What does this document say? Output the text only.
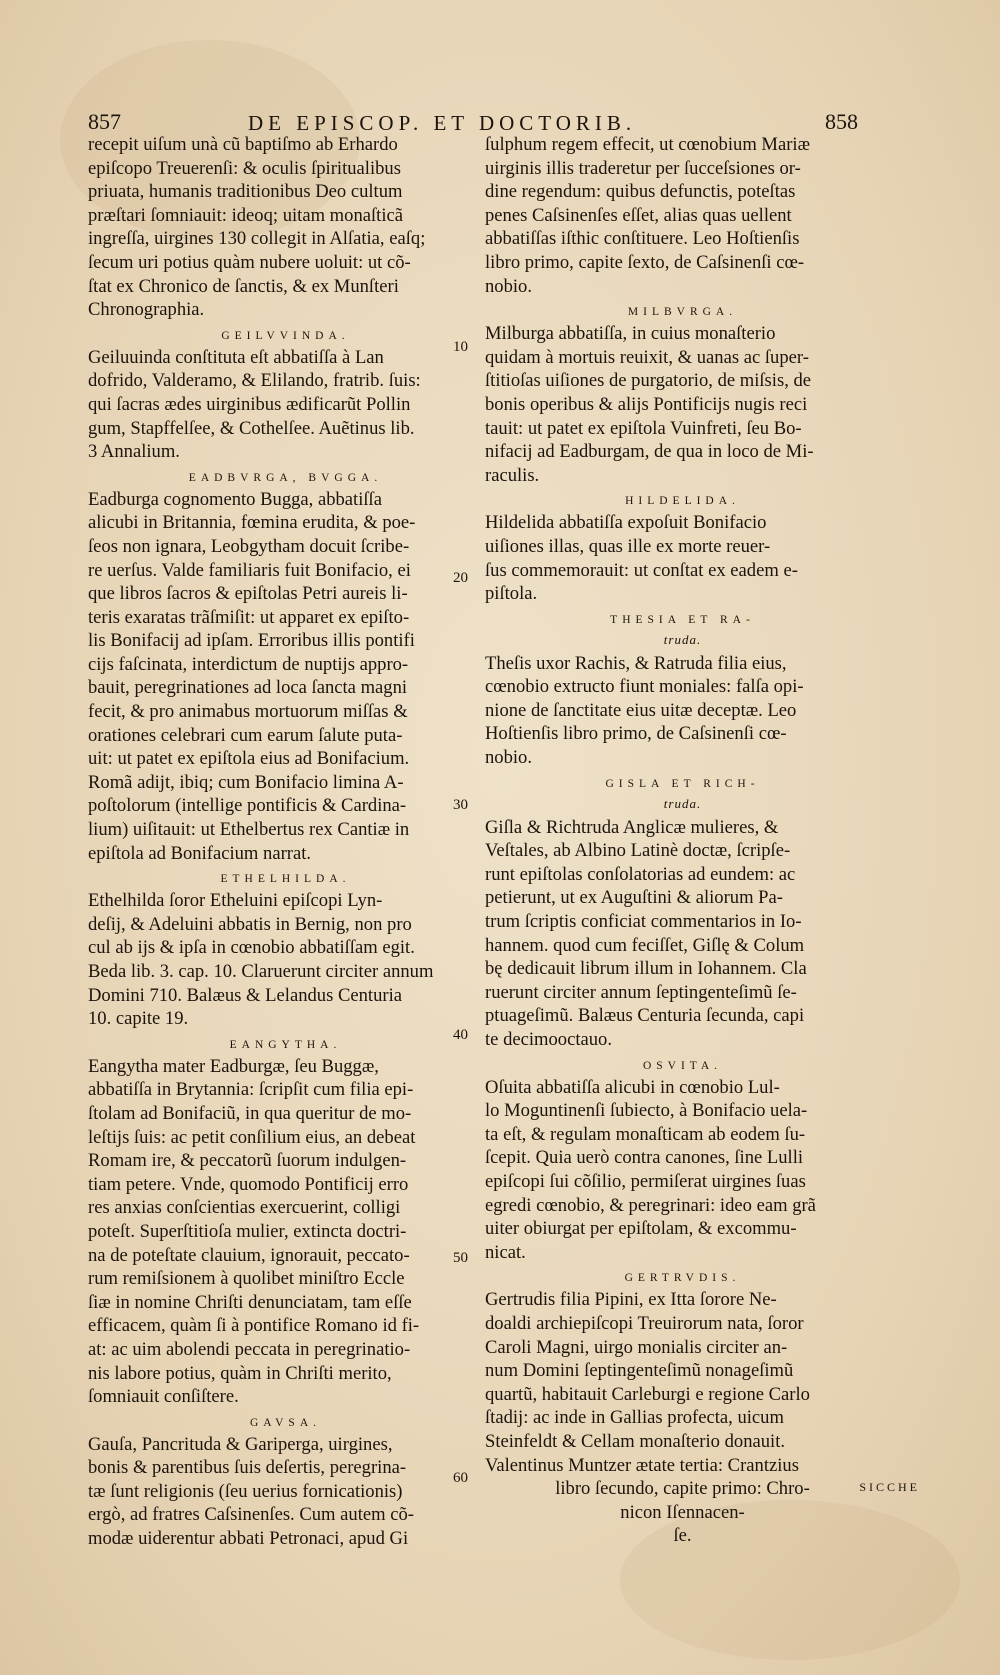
857	DE EPISCOP. ET DOCTORIB.	858
recepit uiſum unà cũ baptiſmo ab Erhardo
epiſcopo Treuerenſi: & oculis ſpiritualibus
priuata, humanis traditionibus Deo cultum
præſtari ſomniauit: ideoq; uitam monaſticã
ingreſſa, uirgines 130 collegit in Alſatia, eaſq;
ſecum uri potius quàm nubere uoluit: ut cõ-
ſtat ex Chronico de ſanctis, & ex Munſteri
Chronographia.
GEILVVINDA.
Geiluuinda conſtituta eſt abbatiſſa à Lan
dofrido, Valderamo, & Elilando, fratrib. ſuis:
qui ſacras ædes uirginibus ædificarũt Pollin
gum, Stapffelſee, & Cothelſee. Auẽtinus lib.
3 Annalium.
EADBVRGA, BVGGA.
Eadburga cognomento Bugga, abbatiſſa
alicubi in Britannia, fœmina erudita, & poe-
ſeos non ignara, Leobgytham docuit ſcribe-
re uerſus. Valde familiaris fuit Bonifacio, ei
que libros ſacros & epiſtolas Petri aureis li-
teris exaratas trãſmiſit: ut apparet ex epiſto-
lis Bonifacij ad ipſam. Erroribus illis pontifi
cijs faſcinata, interdictum de nuptijs appro-
bauit, peregrinationes ad loca ſancta magni
fecit, & pro animabus mortuorum miſſas &
orationes celebrari cum earum ſalute puta-
uit: ut patet ex epiſtola eius ad Bonifacium.
Romã adijt, ibiq; cum Bonifacio limina A-
poſtolorum (intellige pontificis & Cardina-
lium) uiſitauit: ut Ethelbertus rex Cantiæ in
epiſtola ad Bonifacium narrat.
ETHELHILDA.
Ethelhilda ſoror Etheluini epiſcopi Lyn-
deſij, & Adeluini abbatis in Bernig, non pro
cul ab ijs & ipſa in cœnobio abbatiſſam egit.
Beda lib. 3. cap. 10. Claruerunt circiter annum
Domini 710. Balæus & Lelandus Centuria
10. capite 19.
EANGYTHA.
Eangytha mater Eadburgæ, ſeu Buggæ,
abbatiſſa in Brytannia: ſcripſit cum filia epi-
ſtolam ad Bonifaciũ, in qua queritur de mo-
leſtijs ſuis: ac petit conſilium eius, an debeat
Romam ire, & peccatorũ ſuorum indulgen-
tiam petere. Vnde, quomodo Pontificij erro
res anxias conſcientias exercuerint, colligi
poteſt. Superſtitioſa mulier, extincta doctri-
na de poteſtate clauium, ignorauit, peccato-
rum remiſsionem à quolibet miniſtro Eccle
ſiæ in nomine Chriſti denunciatam, tam eſſe
efficacem, quàm ſi à pontifice Romano id fi-
at: ac uim abolendi peccata in peregrinatio-
nis labore potius, quàm in Chriſti merito,
ſomniauit conſiſtere.
GAVSA.
Gauſa, Pancrituda & Gariperga, uirgines,
bonis & parentibus ſuis deſertis, peregrina-
tæ ſunt religionis (ſeu uerius fornicationis)
ergò, ad fratres Caſsinenſes. Cum autem cõ-
modæ uiderentur abbati Petronaci, apud Gi
ſulphum regem effecit, ut cœnobium Mariæ
uirginis illis traderetur per ſucceſsiones or-
dine regendum: quibus defunctis, poteſtas
penes Caſsinenſes eſſet, alias quas uellent
abbatiſſas iſthic conſtituere. Leo Hoſtienſis
libro primo, capite ſexto, de Caſsinenſi cœ-
nobio.
MILBVRGA.
Milburga abbatiſſa, in cuius monaſterio
quidam à mortuis reuixit, & uanas ac ſuper-
ſtitioſas uiſiones de purgatorio, de miſsis, de
bonis operibus & alijs Pontificijs nugis reci
tauit: ut patet ex epiſtola Vuinfreti, ſeu Bo-
nifacij ad Eadburgam, de qua in loco de Mi-
raculis.
HILDELIDA.
Hildelida abbatiſſa expoſuit Bonifacio
uiſiones illas, quas ille ex morte reuer-
ſus commemorauit: ut conſtat ex eadem e-
piſtola.
THESIA ET RA-
truda.
Theſis uxor Rachis, & Ratruda filia eius,
cœnobio extructo fiunt moniales: falſa opi-
nione de ſanctitate eius uitæ deceptæ. Leo
Hoſtienſis libro primo, de Caſsinenſi cœ-
nobio.
GISLA ET RICH-
truda.
Giſla & Richtruda Anglicæ mulieres, &
Veſtales, ab Albino Latinè doctæ, ſcripſe-
runt epiſtolas conſolatorias ad eundem: ac
petierunt, ut ex Auguſtini & aliorum Pa-
trum ſcriptis conficiat commentarios in Io-
hannem. quod cum feciſſet, Giſlę & Colum
bę dedicauit librum illum in Iohannem. Cla
ruerunt circiter annum ſeptingenteſimũ ſe-
ptuageſimũ. Balæus Centuria ſecunda, capi
te decimooctauo.
OSVITA.
Oſuita abbatiſſa alicubi in cœnobio Lul-
lo Moguntinenſi ſubiecto, à Bonifacio uela-
ta eſt, & regulam monaſticam ab eodem ſu-
ſcepit. Quia uerò contra canones, ſine Lulli
epiſcopi ſui cõſilio, permiſerat uirgines ſuas
egredi cœnobio, & peregrinari: ideo eam grã
uiter obiurgat per epiſtolam, & excommu-
nicat.
GERTRVDIS.
Gertrudis filia Pipini, ex Itta ſorore Ne-
doaldi archiepiſcopi Treuirorum nata, ſoror
Caroli Magni, uirgo monialis circiter an-
num Domini ſeptingenteſimũ nonageſimũ
quartũ, habitauit Carleburgi e regione Carlo
ſtadij: ac inde in Gallias profecta, uicum
Steinfeldt & Cellam monaſterio donauit.
Valentinus Muntzer ætate tertia: Crantzius
libro ſecundo, capite primo: Chro-
nicon Iſennacen-
ſe.
10
20
30
40
50
60
SICCHE
